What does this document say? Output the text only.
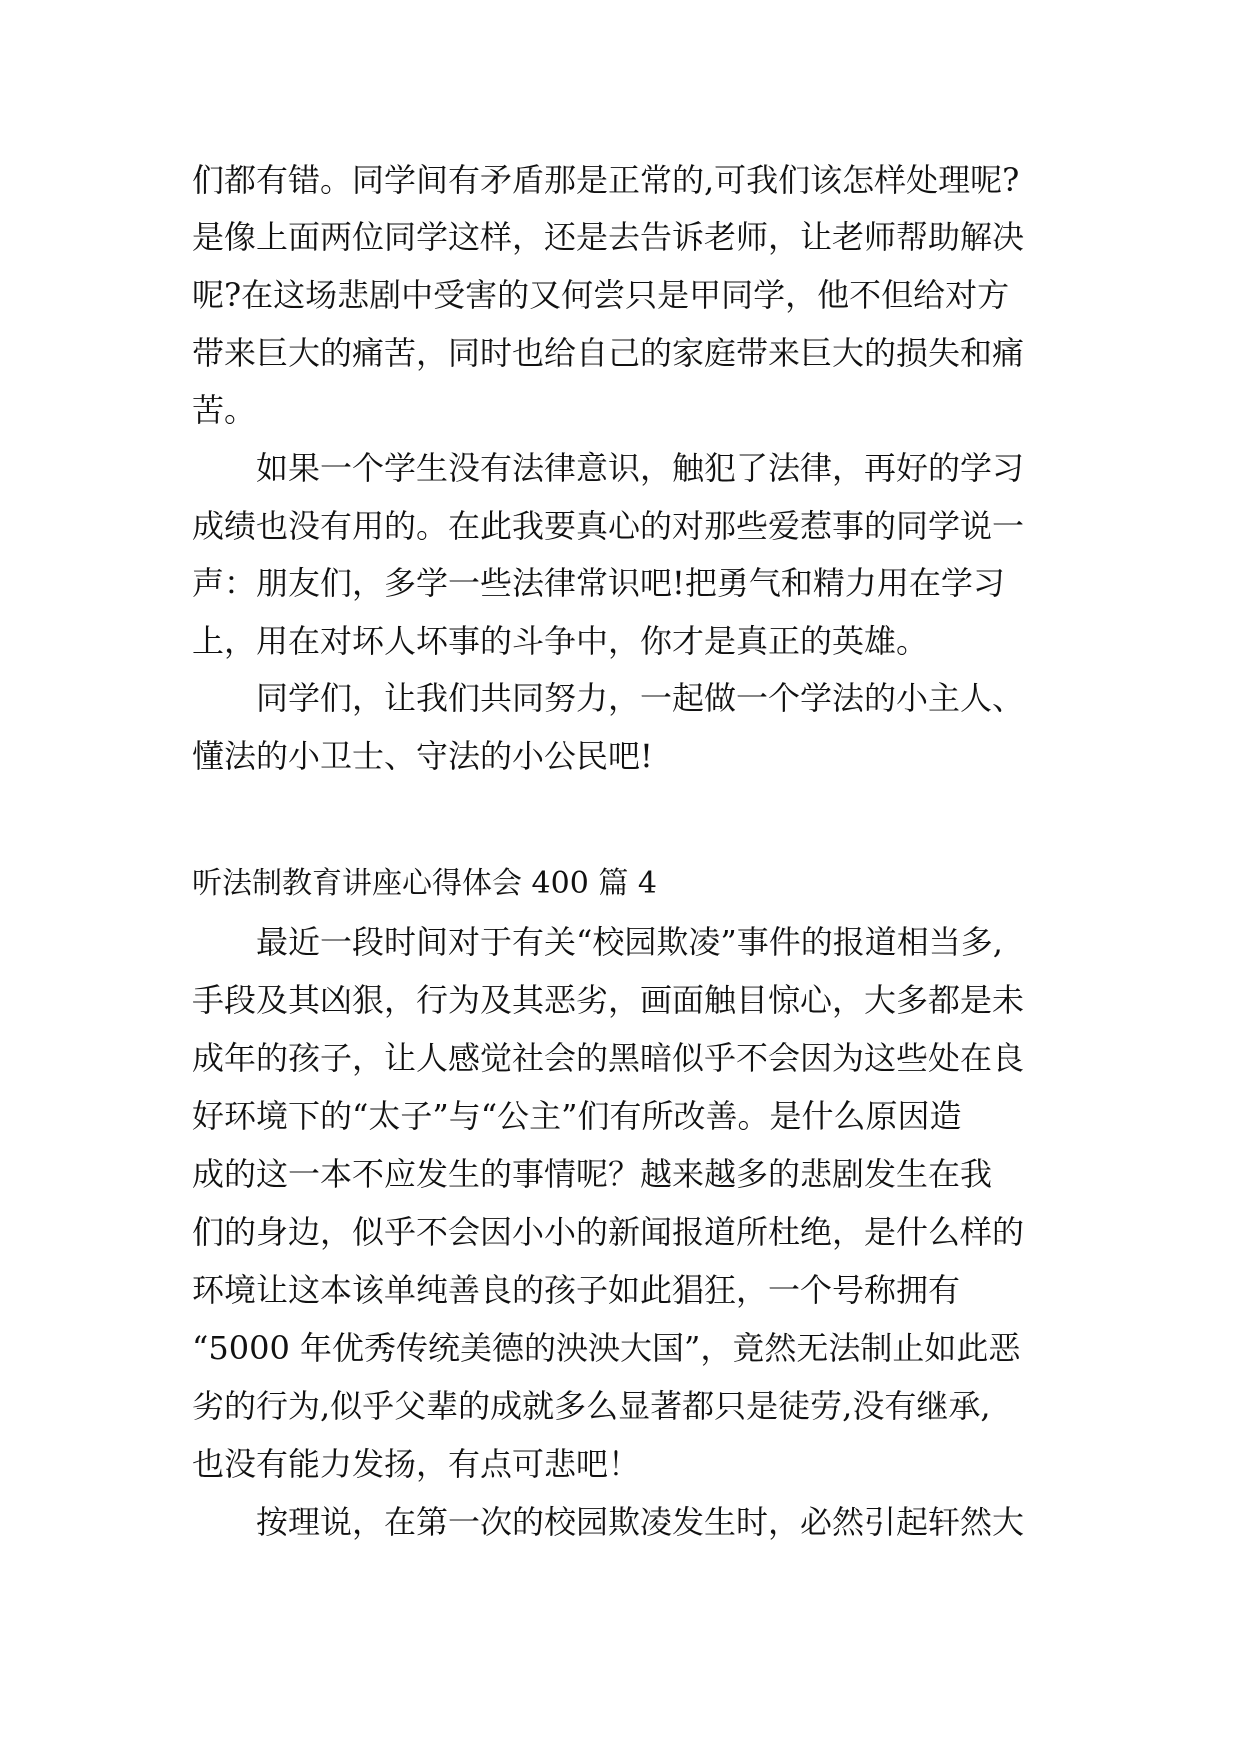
们都有错。同学间有矛盾那是正常的,可我们该怎样处理呢?
是像上面两位同学这样，还是去告诉老师，让老师帮助解决
呢?在这场悲剧中受害的又何尝只是甲同学，他不但给对方
带来巨大的痛苦，同时也给自己的家庭带来巨大的损失和痛
苦。
如果一个学生没有法律意识，触犯了法律，再好的学习
成绩也没有用的。在此我要真心的对那些爱惹事的同学说一
声：朋友们，多学一些法律常识吧!把勇气和精力用在学习
上，用在对坏人坏事的斗争中，你才是真正的英雄。
同学们，让我们共同努力，一起做一个学法的小主人、
懂法的小卫士、守法的小公民吧!
听法制教育讲座心得体会 400 篇 4
最近一段时间对于有关“校园欺凌”事件的报道相当多,
手段及其凶狠，行为及其恶劣，画面触目惊心，大多都是未
成年的孩子，让人感觉社会的黑暗似乎不会因为这些处在良
好环境下的“太子”与“公主”们有所改善。是什么原因造
成的这一本不应发生的事情呢？越来越多的悲剧发生在我
们的身边，似乎不会因小小的新闻报道所杜绝，是什么样的
环境让这本该单纯善良的孩子如此猖狂，一个号称拥有
“5000 年优秀传统美德的泱泱大国”，竟然无法制止如此恶
劣的行为,似乎父辈的成就多么显著都只是徒劳,没有继承,
也没有能力发扬，有点可悲吧！
按理说，在第一次的校园欺凌发生时，必然引起轩然大
